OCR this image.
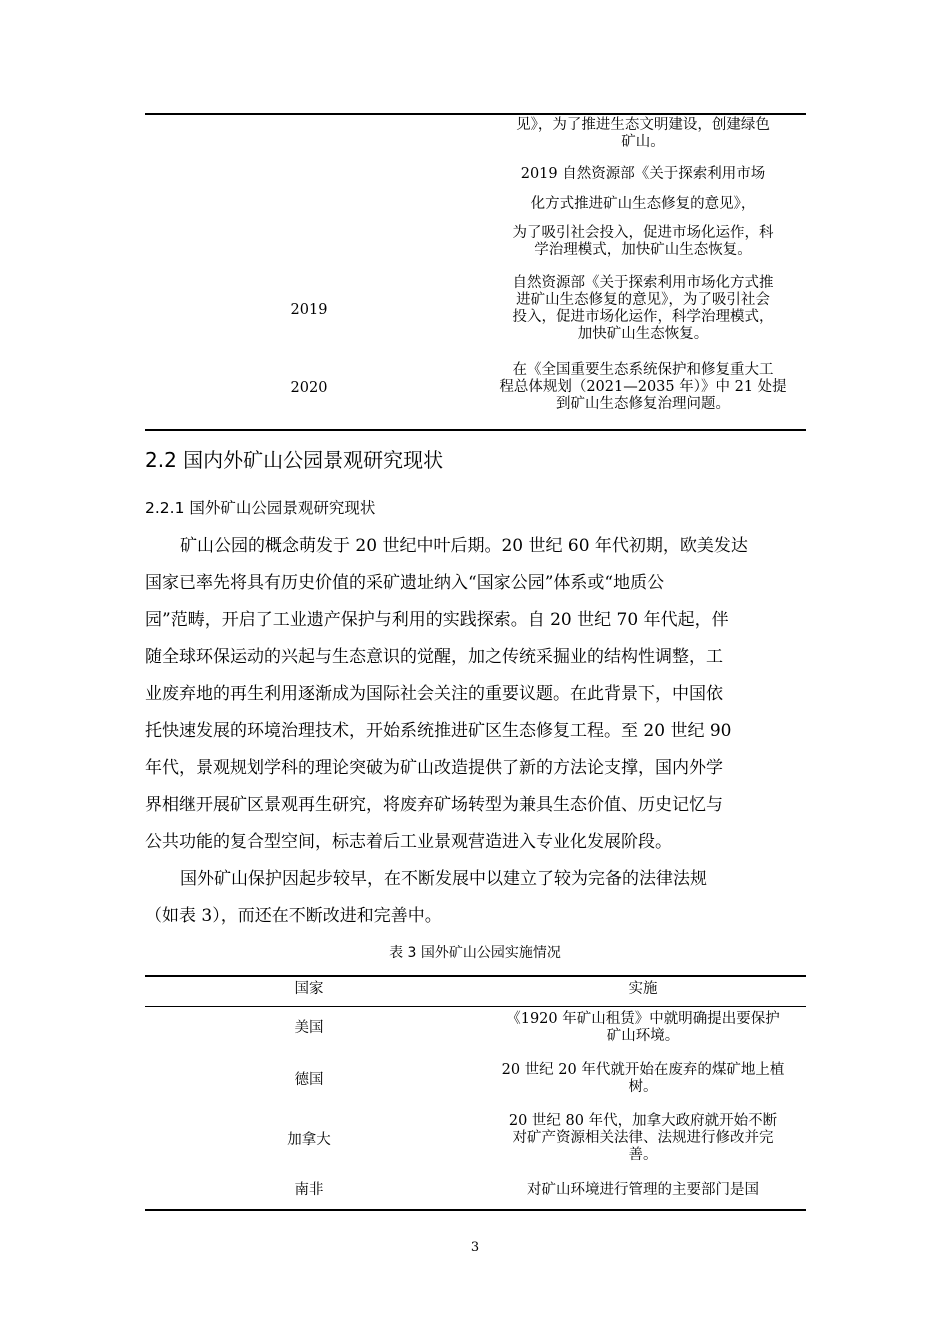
见》，为了推进生态文明建设，创建绿色
矿山。
2019 自然资源部《关于探索利用市场
化方式推进矿山生态修复的意见》，
为了吸引社会投入，促进市场化运作，科
学治理模式，加快矿山生态恢复。
2019
自然资源部《关于探索利用市场化方式推
进矿山生态修复的意见》，为了吸引社会
投入，促进市场化运作，科学治理模式，
加快矿山生态恢复。
2020
在《全国重要生态系统保护和修复重大工
程总体规划（2021—2035 年）》中 21 处提
到矿山生态修复治理问题。
2.2 国内外矿山公园景观研究现状
2.2.1 国外矿山公园景观研究现状
矿山公园的概念萌发于 20 世纪中叶后期。20 世纪 60 年代初期，欧美发达
国家已率先将具有历史价值的采矿遗址纳入“国家公园”体系或“地质公
园”范畴，开启了工业遗产保护与利用的实践探索。自 20 世纪 70 年代起，伴
随全球环保运动的兴起与生态意识的觉醒，加之传统采掘业的结构性调整，工
业废弃地的再生利用逐渐成为国际社会关注的重要议题。在此背景下，中国依
托快速发展的环境治理技术，开始系统推进矿区生态修复工程。至 20 世纪 90
年代，景观规划学科的理论突破为矿山改造提供了新的方法论支撑，国内外学
界相继开展矿区景观再生研究，将废弃矿场转型为兼具生态价值、历史记忆与
公共功能的复合型空间，标志着后工业景观营造进入专业化发展阶段。
国外矿山保护因起步较早，在不断发展中以建立了较为完备的法律法规
（如表 3），而还在不断改进和完善中。
表 3 国外矿山公园实施情况
国家	实施
美国
《1920 年矿山租赁》中就明确提出要保护
矿山环境。
德国
20 世纪 20 年代就开始在废弃的煤矿地上植
树。
加拿大
20 世纪 80 年代，加拿大政府就开始不断
对矿产资源相关法律、法规进行修改并完
善。
南非	对矿山环境进行管理的主要部门是国
3
